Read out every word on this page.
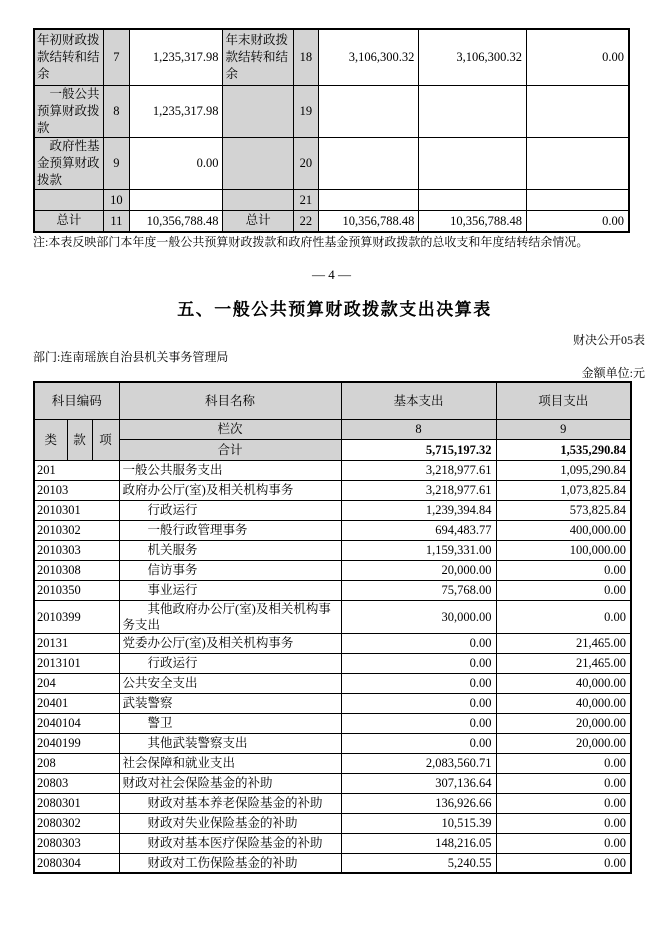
年初财政拨款结转和结余	7	1,235,317.98	年末财政拨款结转和结余	18	3,106,300.32	3,106,300.32	0.00
一般公共预算财政拨款	8	1,235,317.98		19			
政府性基金预算财政拨款	9	0.00		20			
	10			21			
总计	11	10,356,788.48	总计	22	10,356,788.48	10,356,788.48	0.00
注:本表反映部门本年度一般公共预算财政拨款和政府性基金预算财政拨款的总收支和年度结转结余情况。
— 4 —
五、一般公共预算财政拨款支出决算表
财决公开05表
部门:连南瑶族自治县机关事务管理局
金额单位:元
科目编码			科目名称	基本支出	项目支出
类	款	项	栏次	8	9
			合计	5,715,197.32	1,535,290.84
201			一般公共服务支出	3,218,977.61	1,095,290.84
20103			政府办公厅(室)及相关机构事务	3,218,977.61	1,073,825.84
2010301			行政运行	1,239,394.84	573,825.84
2010302			一般行政管理事务	694,483.77	400,000.00
2010303			机关服务	1,159,331.00	100,000.00
2010308			信访事务	20,000.00	0.00
2010350			事业运行	75,768.00	0.00
2010399			其他政府办公厅(室)及相关机构事务支出	30,000.00	0.00
20131			党委办公厅(室)及相关机构事务	0.00	21,465.00
2013101			行政运行	0.00	21,465.00
204			公共安全支出	0.00	40,000.00
20401			武装警察	0.00	40,000.00
2040104			警卫	0.00	20,000.00
2040199			其他武装警察支出	0.00	20,000.00
208			社会保障和就业支出	2,083,560.71	0.00
20803			财政对社会保险基金的补助	307,136.64	0.00
2080301			财政对基本养老保险基金的补助	136,926.66	0.00
2080302			财政对失业保险基金的补助	10,515.39	0.00
2080303			财政对基本医疗保险基金的补助	148,216.05	0.00
2080304			财政对工伤保险基金的补助	5,240.55	0.00
